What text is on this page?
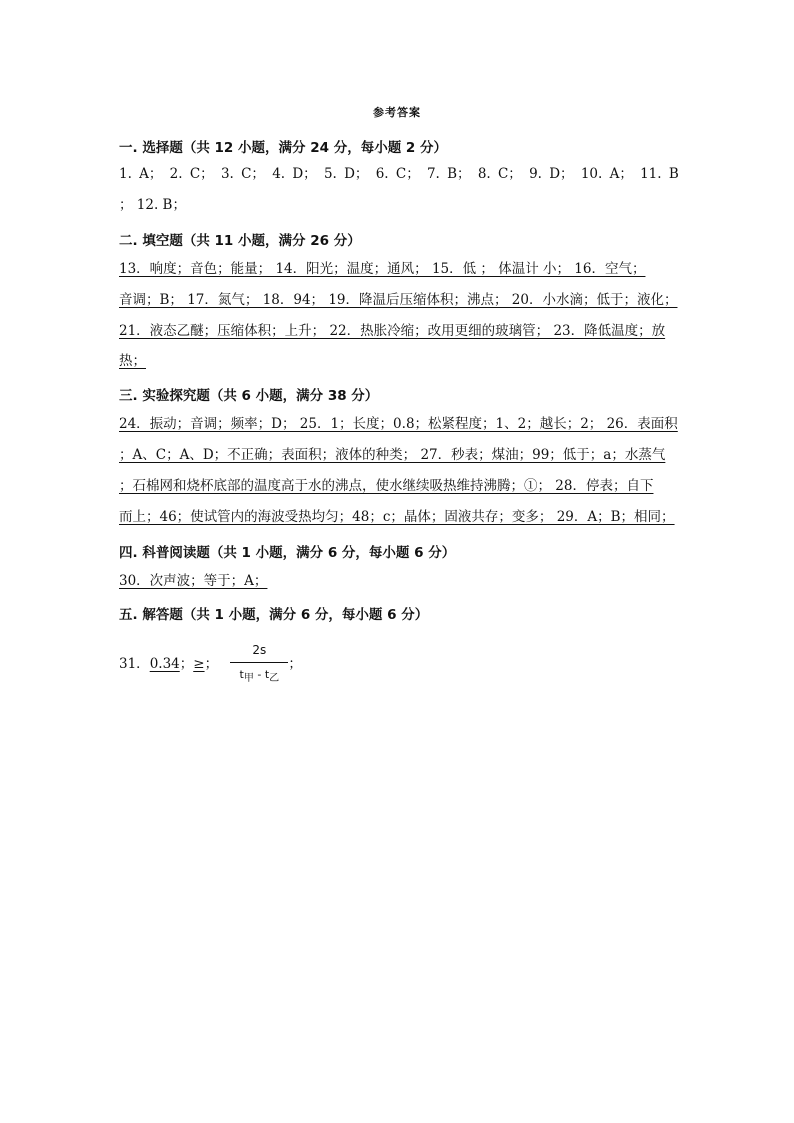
参考答案
一. 选择题（共 12 小题，满分 24 分，每小题 2 分）
1. A； 2. C； 3. C； 4. D； 5. D； 6. C； 7. B； 8. C； 9. D； 10. A； 11. B
； 12. B；
二. 填空题（共 11 小题，满分 26 分）
13．响度；音色；能量； 14．阳光；温度；通风； 15．低 ； 体温计 小； 16．空气；
音调；B； 17．氮气； 18．94； 19．降温后压缩体积；沸点； 20．小水滴；低于；液化；
21．液态乙醚；压缩体积；上升； 22．热胀冷缩；改用更细的玻璃管； 23．降低温度；放
热；
三. 实验探究题（共 6 小题，满分 38 分）
24．振动；音调；频率；D； 25．1；长度；0.8；松紧程度；1、2；越长；2； 26．表面积
；A、C；A、D；不正确；表面积；液体的种类； 27．秒表；煤油；99；低于；a；水蒸气
；石棉网和烧杯底部的温度高于水的沸点，使水继续吸热维持沸腾；①； 28．停表；自下
而上；46；使试管内的海波受热均匀；48；c；晶体；固液共存；变多； 29．A；B；相同；
四. 科普阅读题（共 1 小题，满分 6 分，每小题 6 分）
30．次声波；等于；A；
五. 解答题（共 1 小题，满分 6 分，每小题 6 分）
31．0.34；≥； $\frac{2s}{t_甲 - t_乙}$ ；
